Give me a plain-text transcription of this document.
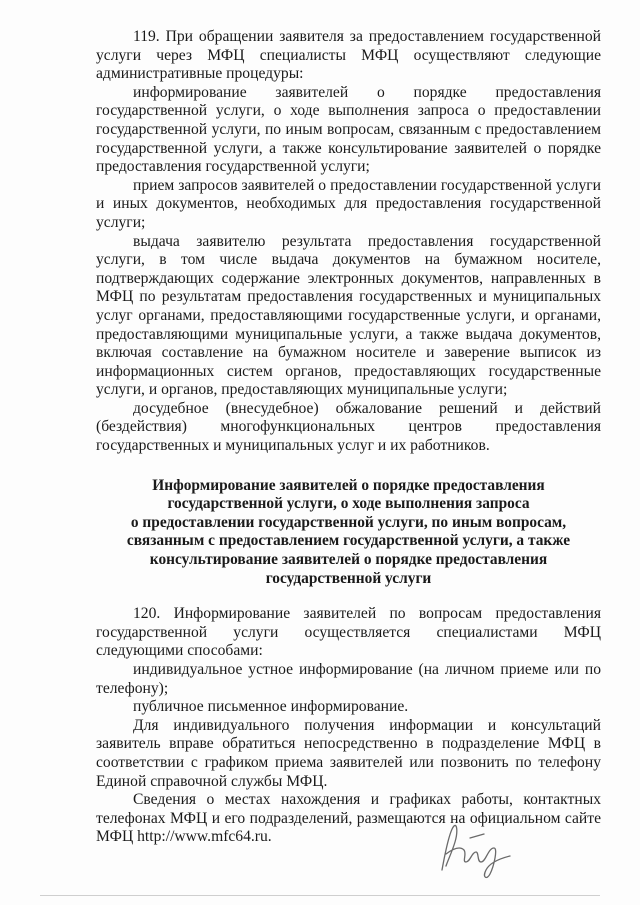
119. При обращении заявителя за предоставлением государственной услуги через МФЦ специалисты МФЦ осуществляют следующие административные процедуры:

информирование заявителей о порядке предоставления государственной услуги, о ходе выполнения запроса о предоставлении государственной услуги, по иным вопросам, связанным с предоставлением государственной услуги, а также консультирование заявителей о порядке предоставления государственной услуги;

прием запросов заявителей о предоставлении государственной услуги и иных документов, необходимых для предоставления государственной услуги;

выдача заявителю результата предоставления государственной услуги, в том числе выдача документов на бумажном носителе, подтверждающих содержание электронных документов, направленных в МФЦ по результатам предоставления государственных и муниципальных услуг органами, предоставляющими государственные услуги, и органами, предоставляющими муниципальные услуги, а также выдача документов, включая составление на бумажном носителе и заверение выписок из информационных систем органов, предоставляющих государственные услуги, и органов, предоставляющих муниципальные услуги;

досудебное (внесудебное) обжалование решений и действий (бездействия) многофункциональных центров предоставления государственных и муниципальных услуг и их работников.

Информирование заявителей о порядке предоставления
государственной услуги, о ходе выполнения запроса
о предоставлении государственной услуги, по иным вопросам,
связанным с предоставлением государственной услуги, а также
консультирование заявителей о порядке предоставления
государственной услуги

120. Информирование заявителей по вопросам предоставления государственной услуги осуществляется специалистами МФЦ следующими способами:

индивидуальное устное информирование (на личном приеме или по телефону);

публичное письменное информирование.

Для индивидуального получения информации и консультаций заявитель вправе обратиться непосредственно в подразделение МФЦ в соответствии с графиком приема заявителей или позвонить по телефону Единой справочной службы МФЦ.

Сведения о местах нахождения и графиках работы, контактных телефонах МФЦ и его подразделений, размещаются на официальном сайте МФЦ http://www.mfc64.ru.
